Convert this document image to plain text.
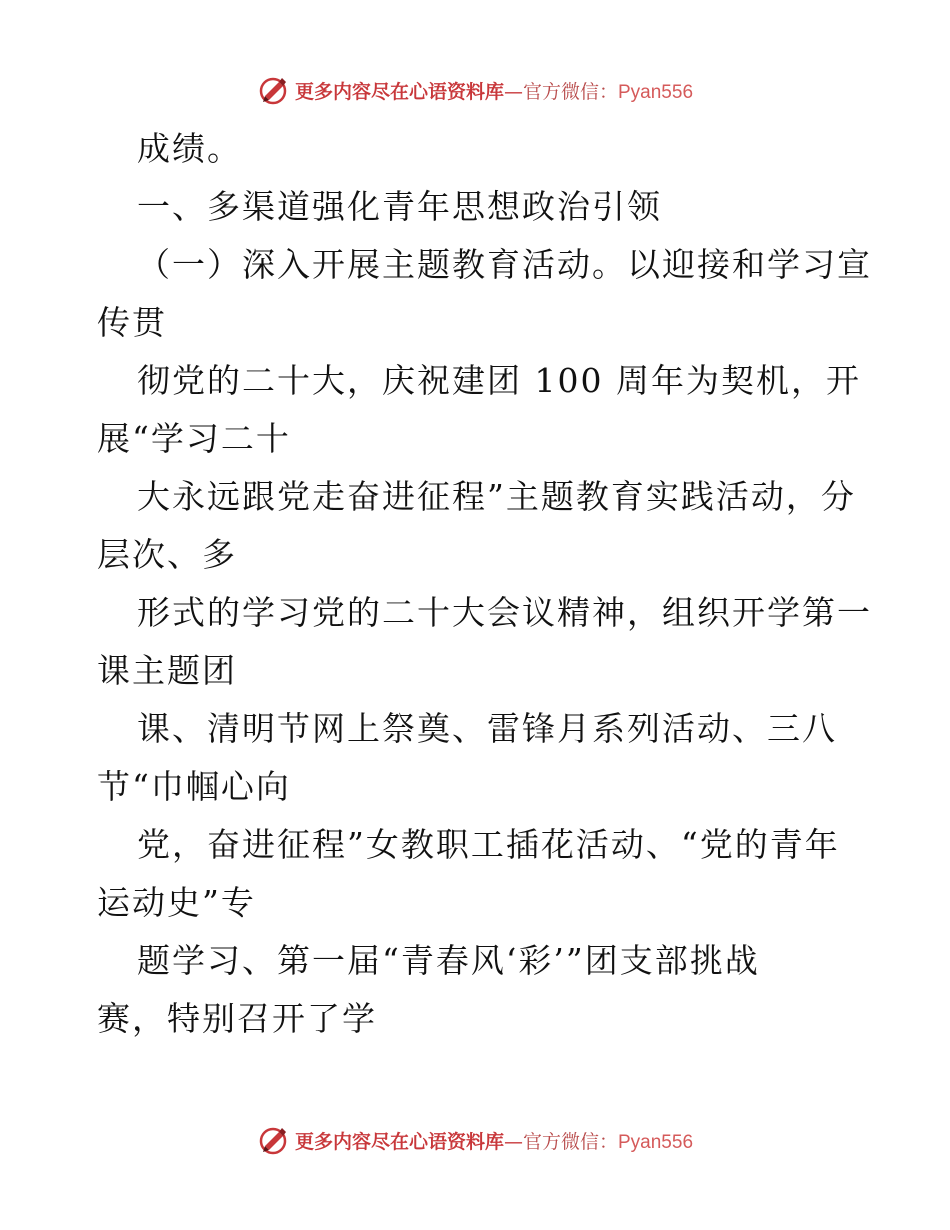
更多内容尽在心语资料库—官方微信：Pyan556
成绩。
一、多渠道强化青年思想政治引领
（一）深入开展主题教育活动。以迎接和学习宣
传贯
彻党的二十大，庆祝建团 100 周年为契机，开
展“学习二十
大永远跟党走奋进征程”主题教育实践活动，分
层次、多
形式的学习党的二十大会议精神，组织开学第一
课主题团
课、清明节网上祭奠、雷锋月系列活动、三八
节“巾帼心向
党，奋进征程”女教职工插花活动、“党的青年
运动史”专
题学习、第一届“青春风‘彩’”团支部挑战
赛，特别召开了学
更多内容尽在心语资料库—官方微信：Pyan556
